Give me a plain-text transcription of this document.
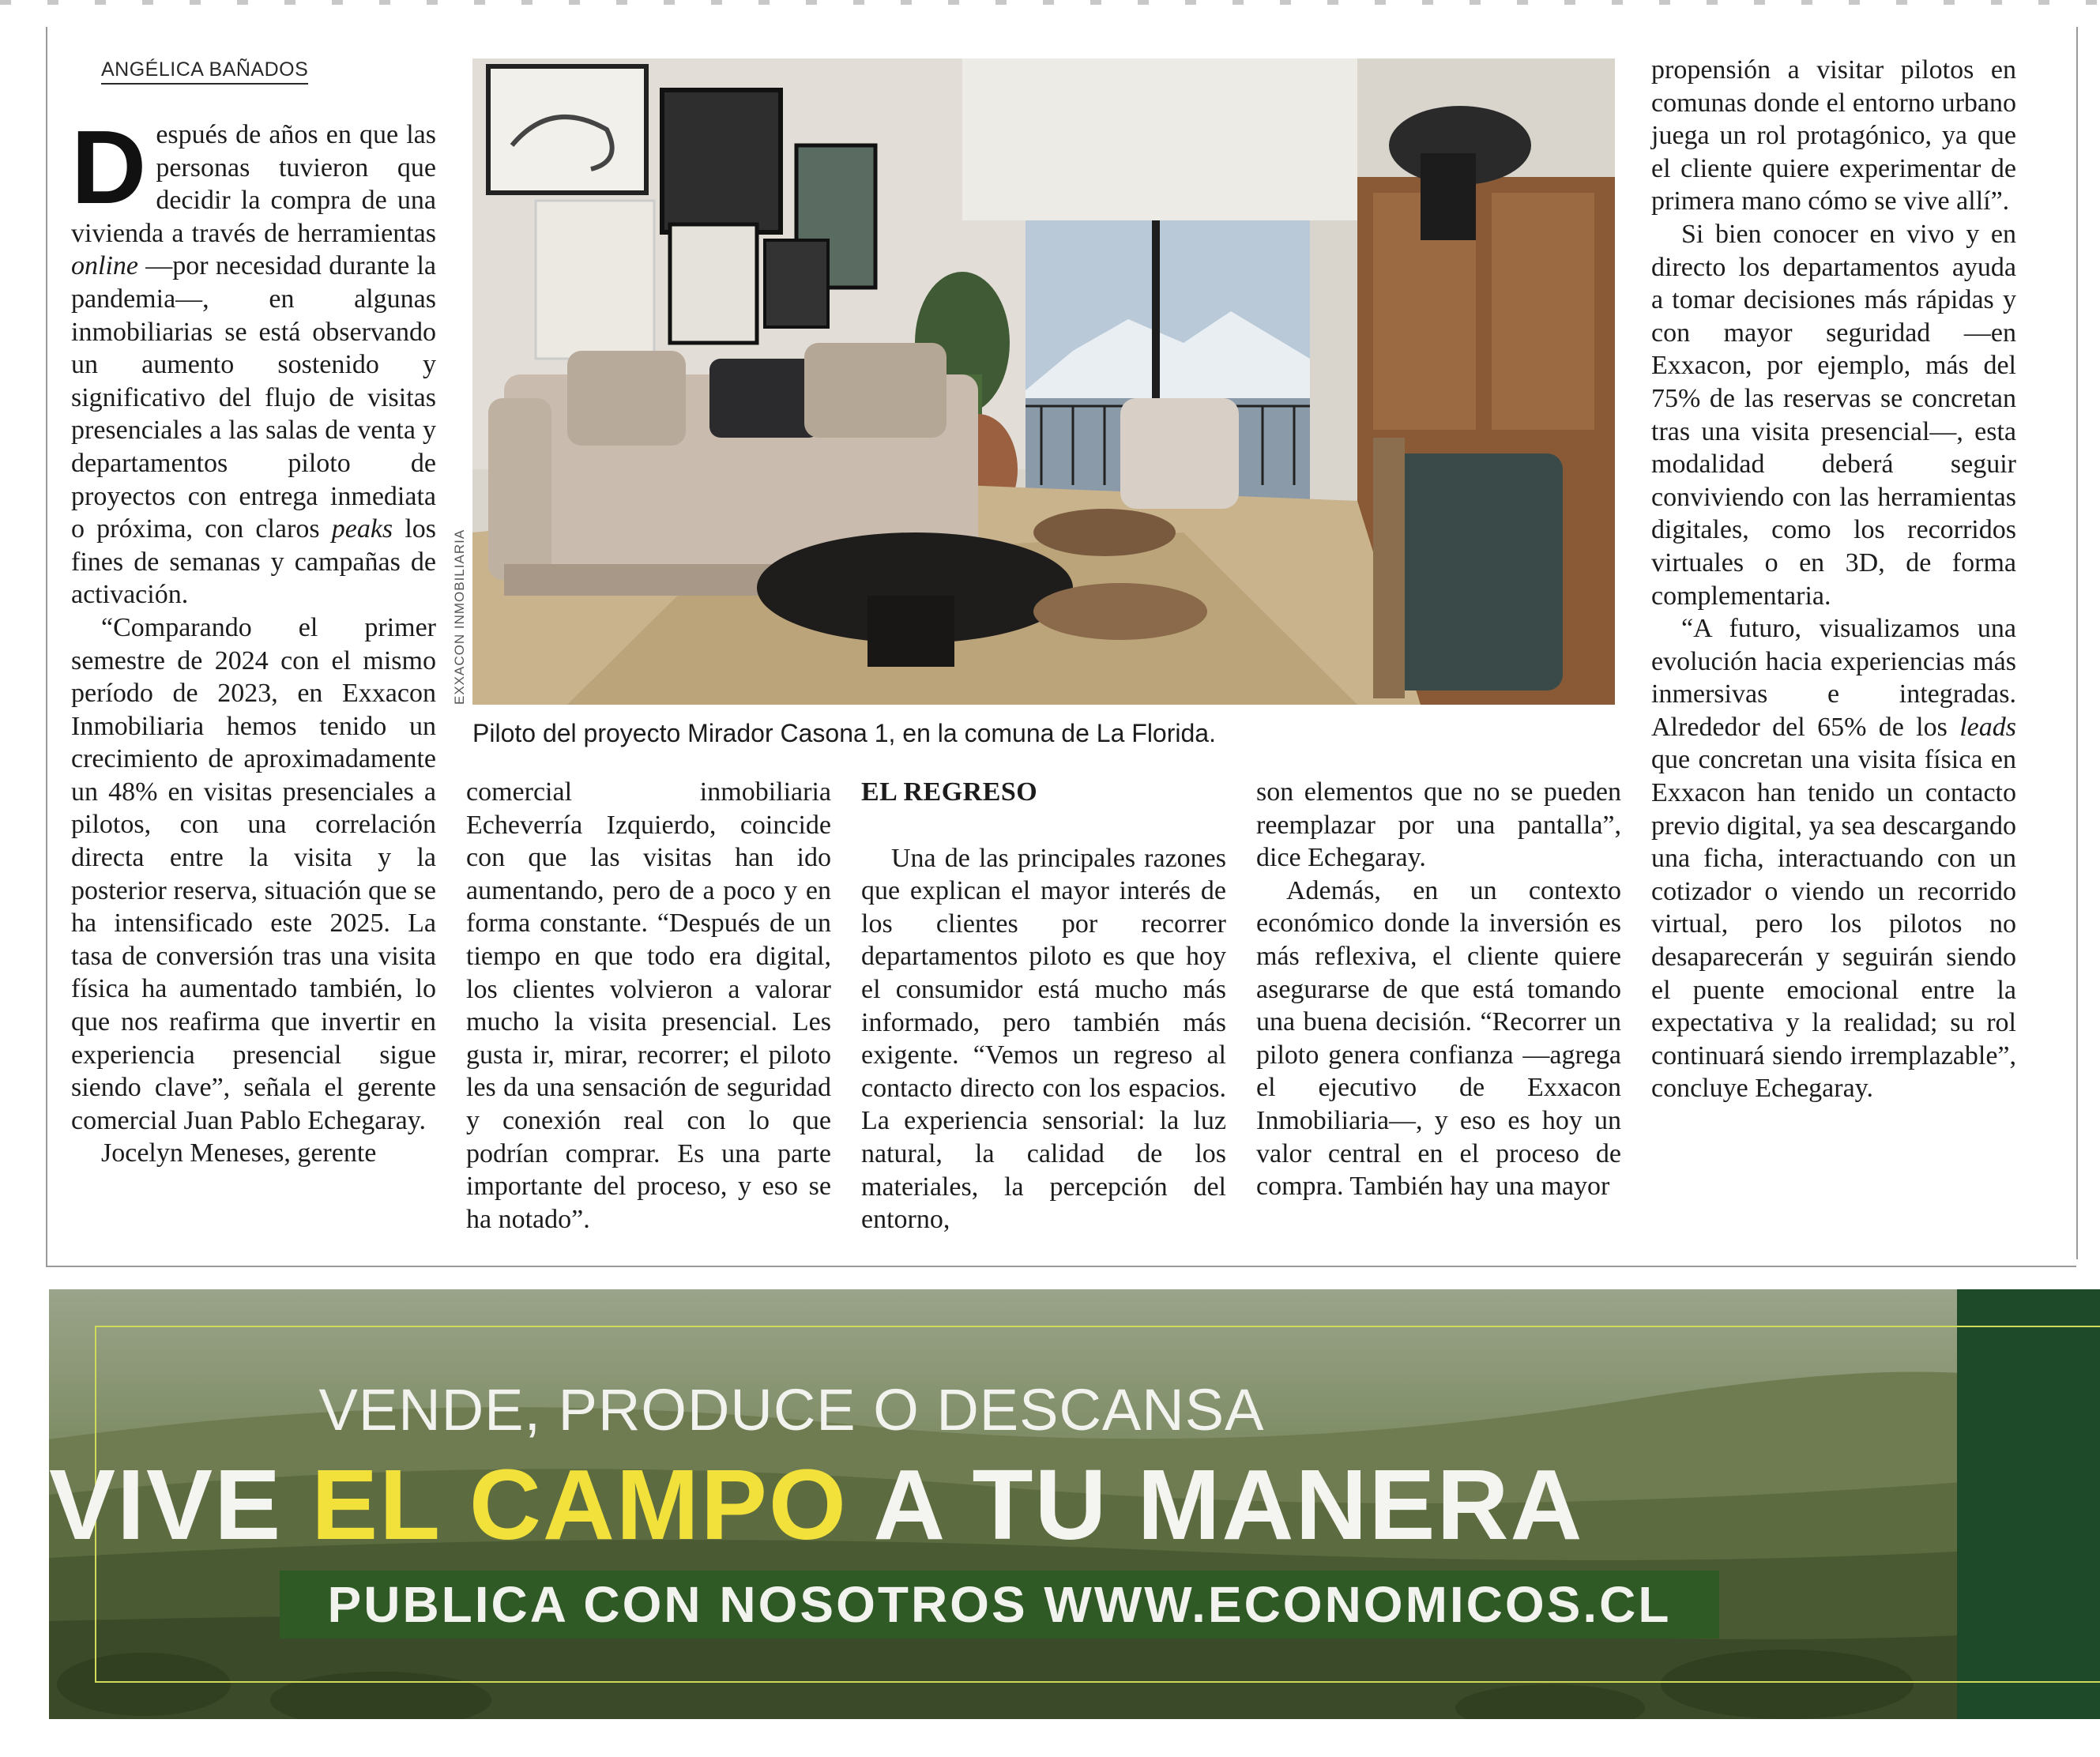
ANGÉLICA BAÑADOS

Después de años en que las personas tuvieron que decidir la compra de una vivienda a través de herramientas online —por necesidad durante la pandemia—, en algunas inmobiliarias se está observando un aumento sostenido y significativo del flujo de visitas presenciales a las salas de venta y departamentos piloto de proyectos con entrega inmediata o próxima, con claros peaks los fines de semanas y campañas de activación.

“Comparando el primer semestre de 2024 con el mismo período de 2023, en Exxacon Inmobiliaria hemos tenido un crecimiento de aproximadamente un 48% en visitas presenciales a pilotos, con una correlación directa entre la visita y la posterior reserva, situación que se ha intensificado este 2025. La tasa de conversión tras una visita física ha aumentado también, lo que nos reafirma que invertir en experiencia presencial sigue siendo clave”, señala el gerente comercial Juan Pablo Echegaray.

Jocelyn Meneses, gerente

EXXACON INMOBILIARIA
Piloto del proyecto Mirador Casona 1, en la comuna de La Florida.

comercial inmobiliaria Echeverría Izquierdo, coincide con que las visitas han ido aumentando, pero de a poco y en forma constante. “Después de un tiempo en que todo era digital, los clientes volvieron a valorar mucho la visita presencial. Les gusta ir, mirar, recorrer; el piloto les da una sensación de seguridad y conexión real con lo que podrían comprar. Es una parte importante del proceso, y eso se ha notado”.

EL REGRESO

Una de las principales razones que explican el mayor interés de los clientes por recorrer departamentos piloto es que hoy el consumidor está mucho más informado, pero también más exigente. “Vemos un regreso al contacto directo con los espacios. La experiencia sensorial: la luz natural, la calidad de los materiales, la percepción del entorno,

son elementos que no se pueden reemplazar por una pantalla”, dice Echegaray.

Además, en un contexto económico donde la inversión es más reflexiva, el cliente quiere asegurarse de que está tomando una buena decisión. “Recorrer un piloto genera confianza —agrega el ejecutivo de Exxacon Inmobiliaria—, y eso es hoy un valor central en el proceso de compra. También hay una mayor

propensión a visitar pilotos en comunas donde el entorno urbano juega un rol protagónico, ya que el cliente quiere experimentar de primera mano cómo se vive allí”.

Si bien conocer en vivo y en directo los departamentos ayuda a tomar decisiones más rápidas y con mayor seguridad —en Exxacon, por ejemplo, más del 75% de las reservas se concretan tras una visita presencial—, esta modalidad deberá seguir conviviendo con las herramientas digitales, como los recorridos virtuales o en 3D, de forma complementaria.

“A futuro, visualizamos una evolución hacia experiencias más inmersivas e integradas. Alrededor del 65% de los leads que concretan una visita física en Exxacon han tenido un contacto previo digital, ya sea descargando una ficha, interactuando con un cotizador o viendo un recorrido virtual, pero los pilotos no desaparecerán y seguirán siendo el puente emocional entre la expectativa y la realidad; su rol continuará siendo irremplazable”, concluye Echegaray.

VENDE, PRODUCE O DESCANSA
VIVE EL CAMPO A TU MANERA
PUBLICA CON NOSOTROS WWW.ECONOMICOS.CL
E(
EL
